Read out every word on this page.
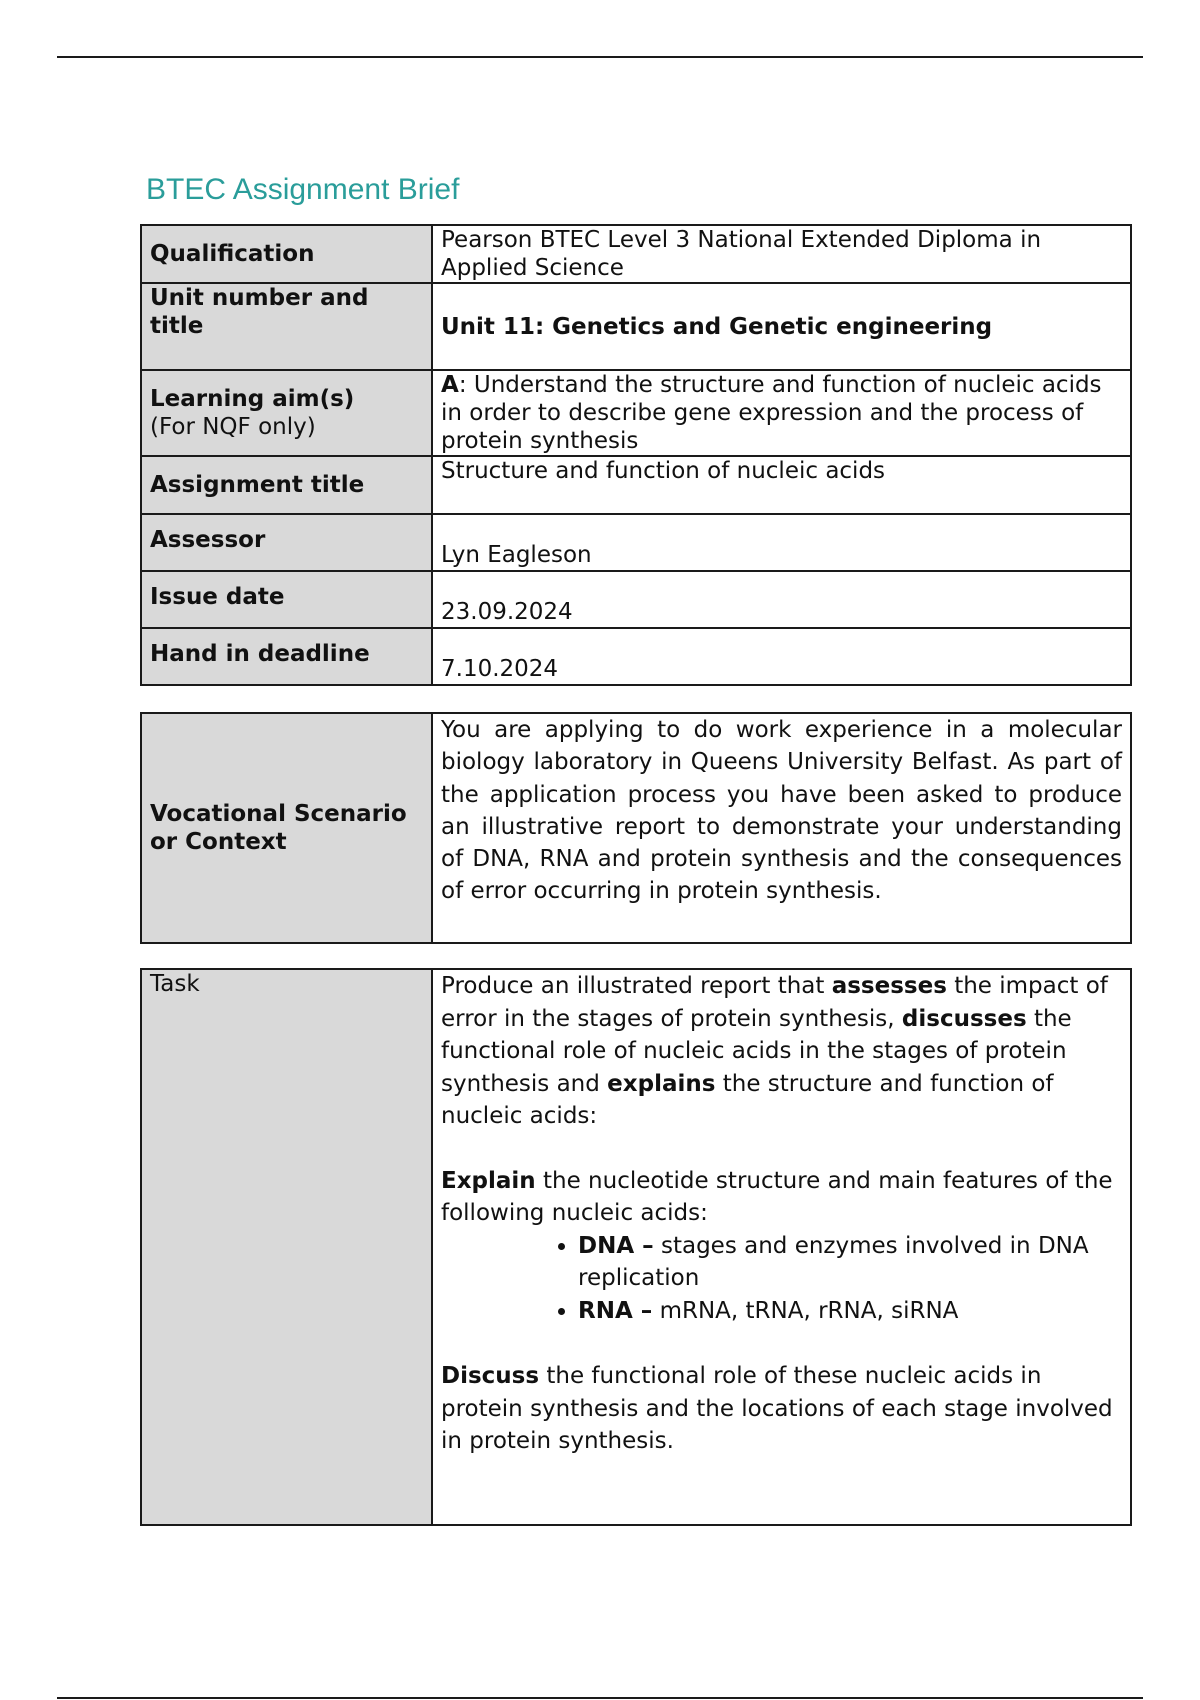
BTEC Assignment Brief
Qualification	Pearson BTEC Level 3 National Extended Diploma in Applied Science
Unit number and title	Unit 11: Genetics and Genetic engineering

Learning aim(s)
(For NQF only)	A: Understand the structure and function of nucleic acids in order to describe gene expression and the process of protein synthesis
Assignment title	Structure and function of nucleic acids
Assessor	Lyn Eagleson
Issue date	23.09.2024
Hand in deadline	7.10.2024
Vocational Scenario or Context	You are applying to do work experience in a molecular biology laboratory in Queens University Belfast. As part of the application process you have been asked to produce an illustrative report to demonstrate your understanding of DNA, RNA and protein synthesis and the consequences of error occurring in protein synthesis.
Task	Produce an illustrated report that assesses the impact of error in the stages of protein synthesis, discusses the functional role of nucleic acids in the stages of protein synthesis and explains the structure and function of nucleic acids:

Explain the nucleotide structure and main features of the following nucleic acids:

• DNA – stages and enzymes involved in DNA replication
• RNA – mRNA, tRNA, rRNA, siRNA

Discuss the functional role of these nucleic acids in protein synthesis and the locations of each stage involved in protein synthesis.
